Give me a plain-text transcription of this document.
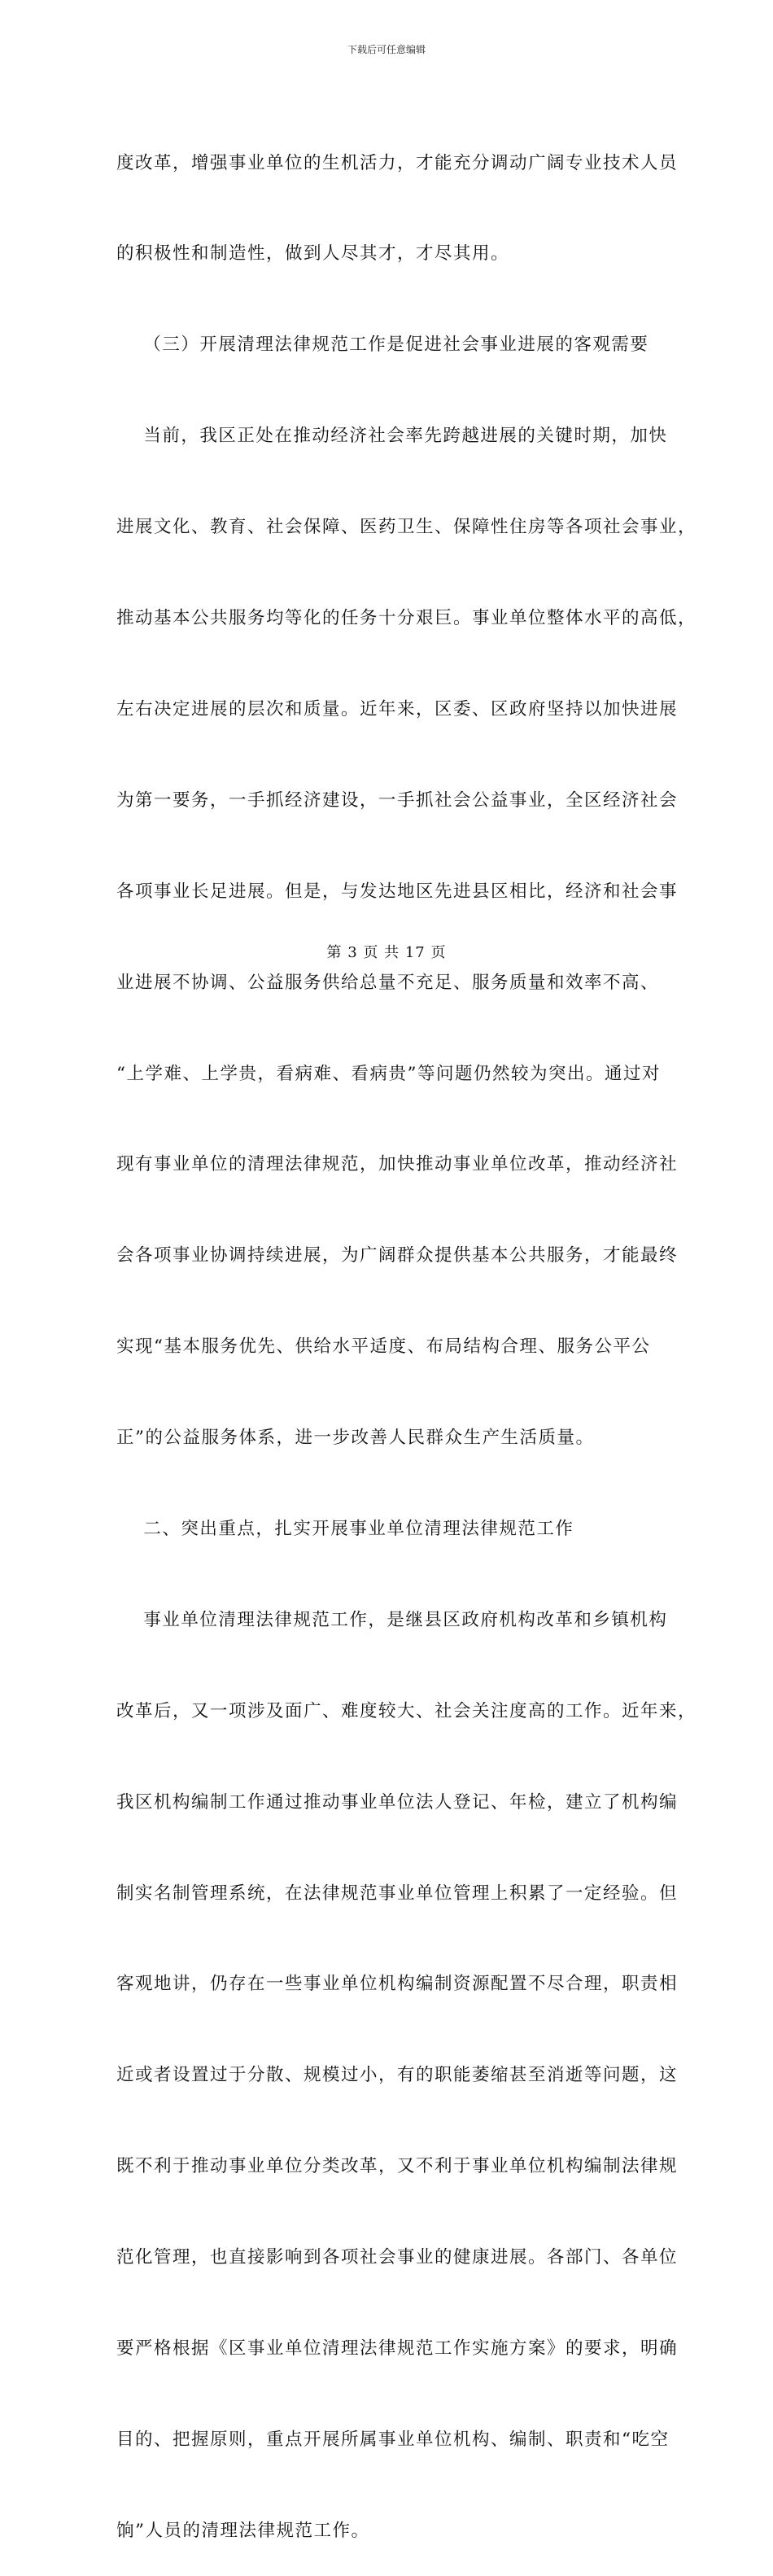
下载后可任意编辑

度改革，增强事业单位的生机活力，才能充分调动广阔专业技术人员

的积极性和制造性，做到人尽其才，才尽其用。

（三）开展清理法律规范工作是促进社会事业进展的客观需要

当前，我区正处在推动经济社会率先跨越进展的关键时期，加快

进展文化、教育、社会保障、医药卫生、保障性住房等各项社会事业，

推动基本公共服务均等化的任务十分艰巨。事业单位整体水平的高低，

左右决定进展的层次和质量。近年来，区委、区政府坚持以加快进展

为第一要务，一手抓经济建设，一手抓社会公益事业，全区经济社会

各项事业长足进展。但是，与发达地区先进县区相比，经济和社会事

业进展不协调、公益服务供给总量不充足、服务质量和效率不高、

“上学难、上学贵，看病难、看病贵”等问题仍然较为突出。通过对

现有事业单位的清理法律规范，加快推动事业单位改革，推动经济社

会各项事业协调持续进展，为广阔群众提供基本公共服务，才能最终

实现“基本服务优先、供给水平适度、布局结构合理、服务公平公

正”的公益服务体系，进一步改善人民群众生产生活质量。

二、突出重点，扎实开展事业单位清理法律规范工作

事业单位清理法律规范工作，是继县区政府机构改革和乡镇机构

改革后，又一项涉及面广、难度较大、社会关注度高的工作。近年来，

我区机构编制工作通过推动事业单位法人登记、年检，建立了机构编

制实名制管理系统，在法律规范事业单位管理上积累了一定经验。但

客观地讲，仍存在一些事业单位机构编制资源配置不尽合理，职责相

近或者设置过于分散、规模过小，有的职能萎缩甚至消逝等问题，这

既不利于推动事业单位分类改革，又不利于事业单位机构编制法律规

范化管理，也直接影响到各项社会事业的健康进展。各部门、各单位

要严格根据《区事业单位清理法律规范工作实施方案》的要求，明确

目的、把握原则，重点开展所属事业单位机构、编制、职责和“吃空

饷”人员的清理法律规范工作。

第 3 页 共 17 页
